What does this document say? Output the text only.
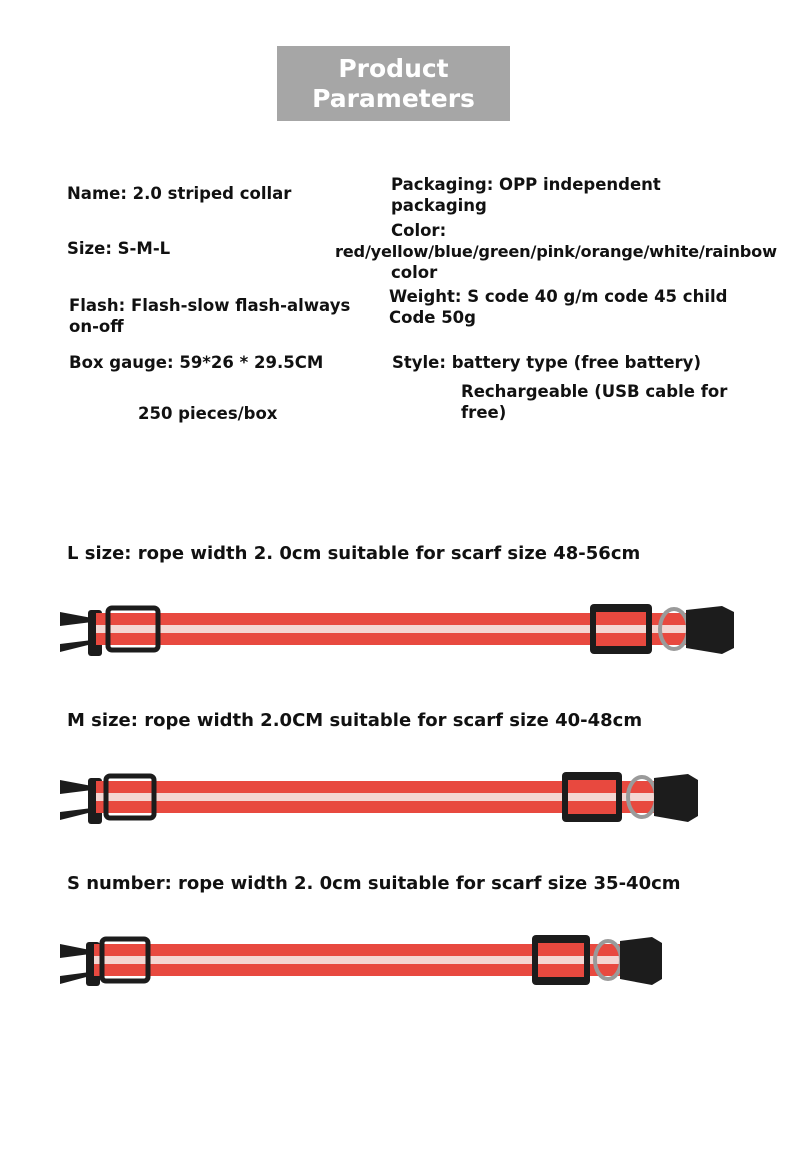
Product
Parameters
Name: 2.0 striped collar
Size: S-M-L
Flash: Flash-slow flash-always
on-off
Box gauge: 59*26 * 29.5CM
250 pieces/box
Packaging: OPP independent
packaging
Color:
red/yellow/blue/green/pink/orange/white/rainbow
color
Weight: S code 40 g/m code 45 child
Code 50g
Style: battery type (free battery)
Rechargeable (USB cable for
free)
L size: rope width 2. 0cm suitable for scarf size 48-56cm
M size: rope width 2.0CM suitable for scarf size 40-48cm
S number: rope width 2. 0cm suitable for scarf size 35-40cm
